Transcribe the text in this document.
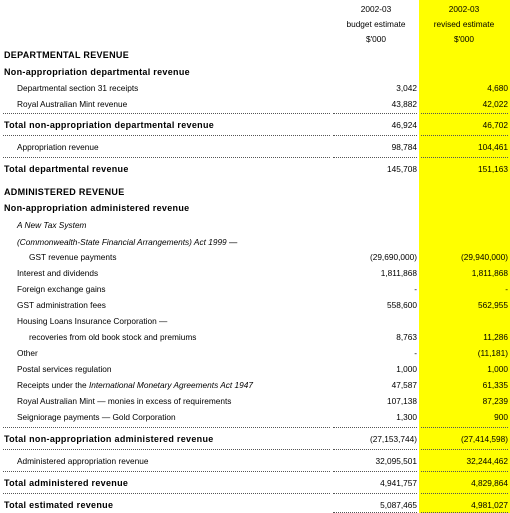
2002-03	2002-03
budget estimate	revised estimate
$'000	$'000
DEPARTMENTAL REVENUE
Non-appropriation departmental revenue
Departmental section 31 receipts	3,042	4,680
Royal Australian Mint revenue	43,882	42,022
Total non-appropriation departmental revenue	46,924	46,702
Appropriation revenue	98,784	104,461
Total departmental revenue	145,708	151,163
ADMINISTERED REVENUE
Non-appropriation administered revenue
A New Tax System
(Commonwealth-State Financial Arrangements) Act 1999 —
GST revenue payments	(29,690,000)	(29,940,000)
Interest and dividends	1,811,868	1,811,868
Foreign exchange gains	-	-
GST administration fees	558,600	562,955
Housing Loans Insurance Corporation —
recoveries from old book stock and premiums	8,763	11,286
Other	-	(11,181)
Postal services regulation	1,000	1,000
Receipts under the International Monetary Agreements Act 1947	47,587	61,335
Royal Australian Mint — monies in excess of requirements	107,138	87,239
Seigniorage payments — Gold Corporation	1,300	900
Total non-appropriation administered revenue	(27,153,744)	(27,414,598)
Administered appropriation revenue	32,095,501	32,244,462
Total administered revenue	4,941,757	4,829,864
Total estimated revenue	5,087,465	4,981,027
